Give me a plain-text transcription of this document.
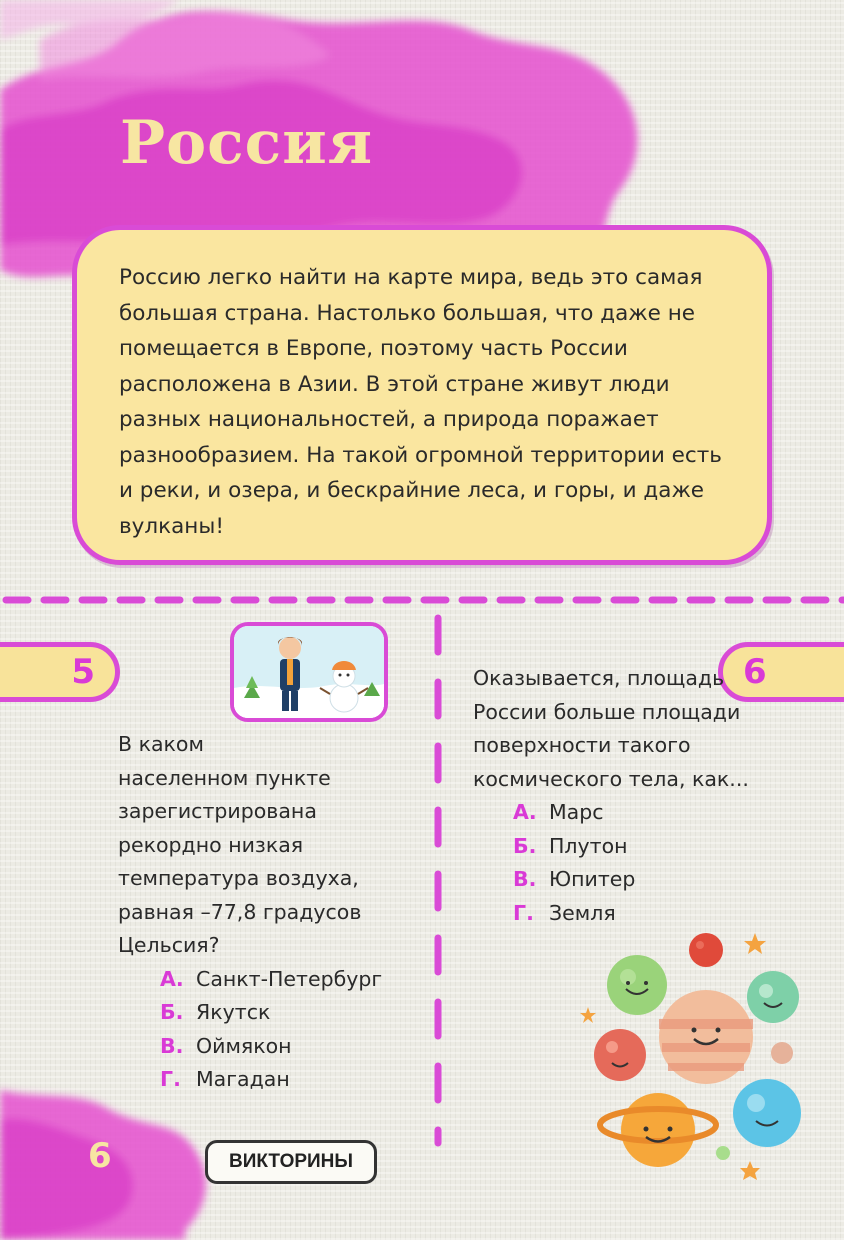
Россия

Россию легко найти на карте мира, ведь это самая большая страна. Настолько большая, что даже не помещается в Европе, поэтому часть России расположена в Азии. В этой стране живут люди разных национальностей, а природа поражает разнообразием. На такой огромной территории есть и реки, и озера, и бескрайние леса, и горы, и даже вулканы!

5

В каком

населенном пункте зарегистрирована рекордно низкая температура воздуха, равная –77,8 градусов Цельсия?

А. Санкт-Петербург
Б. Якутск
В. Оймякон
Г. Магадан
6

Оказывается, площадь России больше площади поверхности такого космического тела, как...

А. Марс
Б. Плутон
В. Юпитер
Г. Земля
6	ВИКТОРИНЫ
